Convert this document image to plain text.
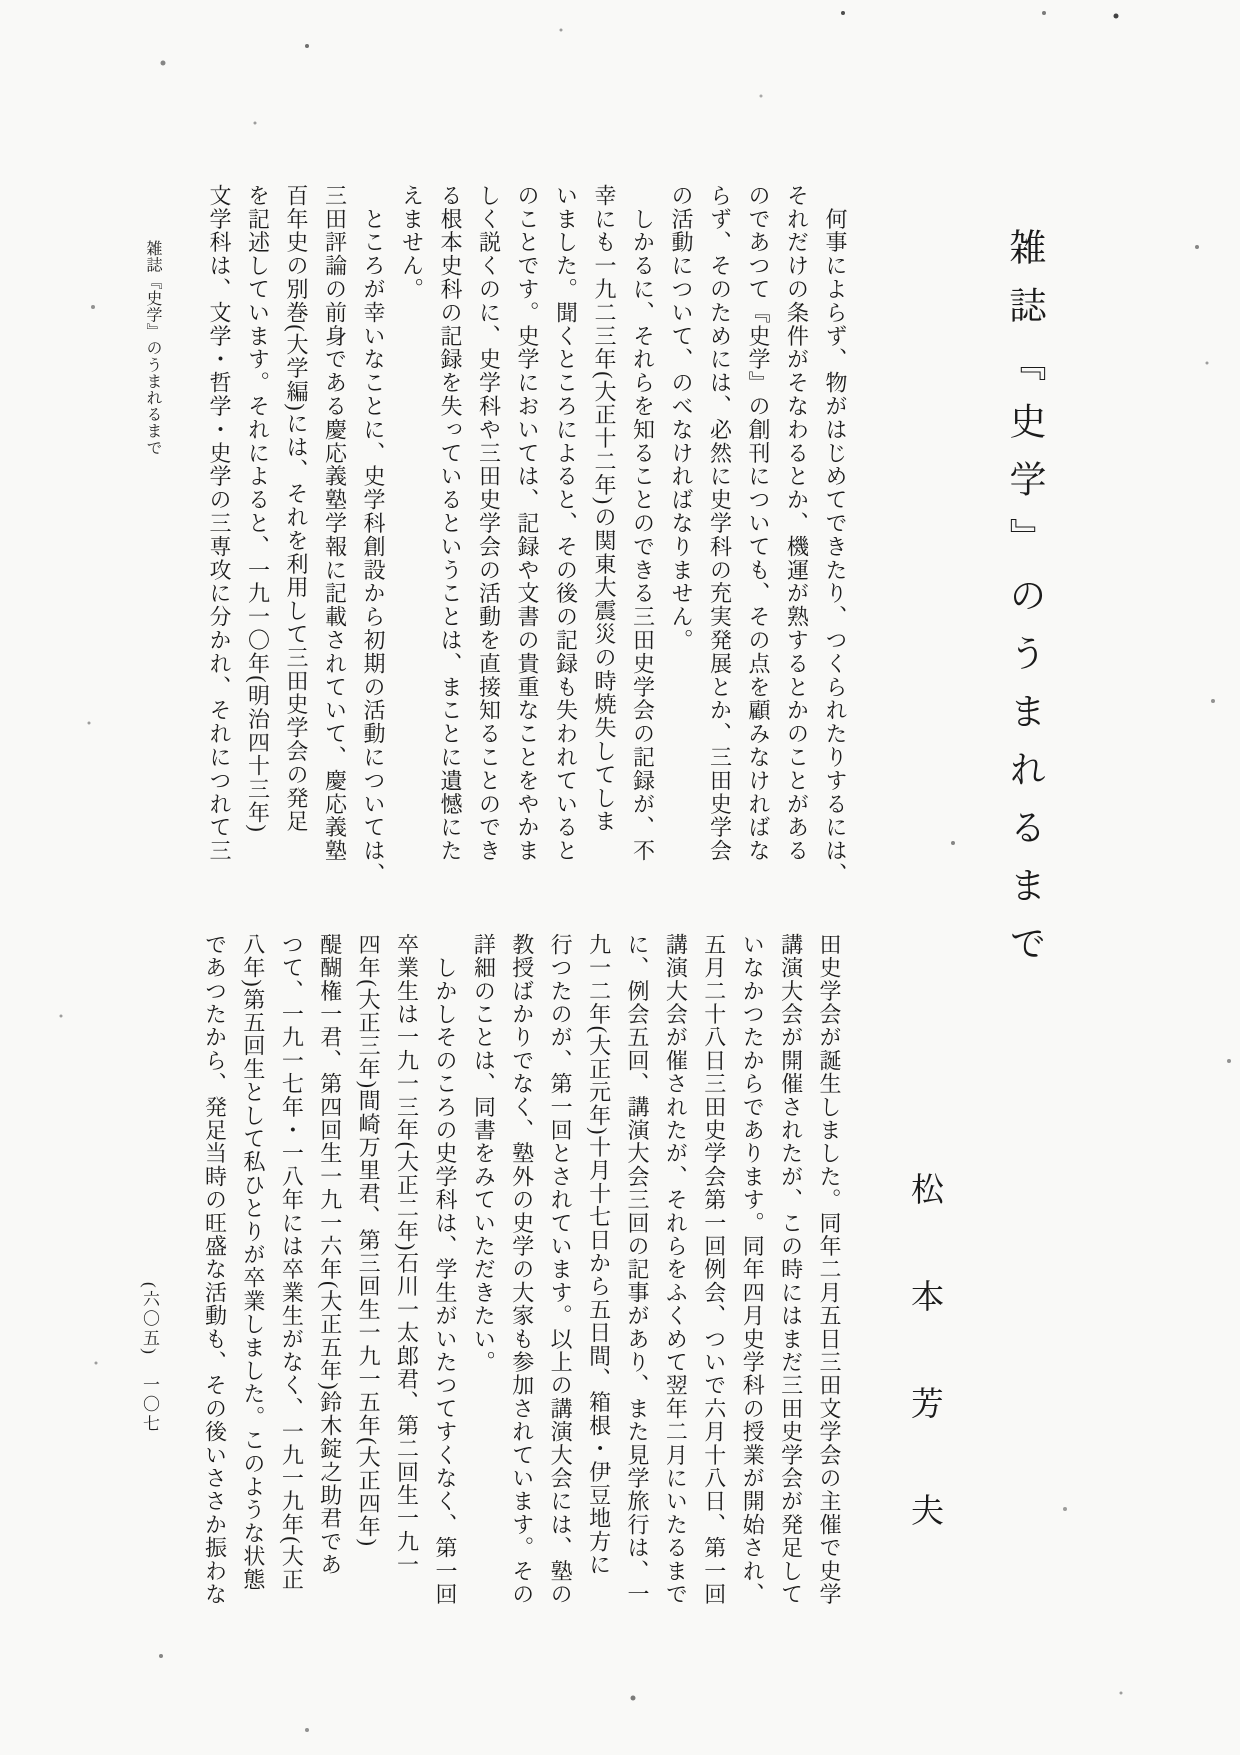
雑誌『史学』のうまれるまで
松本芳夫
　何事によらず、物がはじめてできたり、つくられたりするには、
それだけの条件がそなわるとか、機運が熟するとかのことがある
のであつて『史学』の創刊についても、その点を顧みなければな
らず、そのためには、必然に史学科の充実発展とか、三田史学会
の活動について、のべなければなりません。
　しかるに、それらを知ることのできる三田史学会の記録が、不
幸にも一九二三年(大正十二年)の関東大震災の時焼失してしま
いました。聞くところによると、その後の記録も失われていると
のことです。史学においては、記録や文書の貴重なことをやかま
しく説くのに、史学科や三田史学会の活動を直接知ることのでき
る根本史科の記録を失っているということは、まことに遺憾にた
えません。
　ところが幸いなことに、史学科創設から初期の活動については、
三田評論の前身である慶応義塾学報に記載されていて、慶応義塾
百年史の別巻(大学編)には、それを利用して三田史学会の発足
を記述しています。それによると、一九一〇年(明治四十三年)
文学科は、文学・哲学・史学の三専攻に分かれ、それにつれて三
田史学会が誕生しました。同年二月五日三田文学会の主催で史学
講演大会が開催されたが、この時にはまだ三田史学会が発足して
いなかつたからであります。同年四月史学科の授業が開始され、
五月二十八日三田史学会第一回例会、ついで六月十八日、第一回
講演大会が催されたが、それらをふくめて翌年二月にいたるまで
に、例会五回、講演大会三回の記事があり、また見学旅行は、一
九一二年(大正元年)十月十七日から五日間、箱根・伊豆地方に
行つたのが、第一回とされています。以上の講演大会には、塾の
教授ばかりでなく、塾外の史学の大家も参加されています。その
詳細のことは、同書をみていただきたい。
　しかしそのころの史学科は、学生がいたつてすくなく、第一回
卒業生は一九一三年(大正二年)石川一太郎君、第二回生一九一
四年(大正三年)間崎万里君、第三回生一九一五年(大正四年)
醍醐権一君、第四回生一九一六年(大正五年)鈴木錠之助君であ
つて、一九一七年・一八年には卒業生がなく、一九一九年(大正
八年)第五回生として私ひとりが卒業しました。このような状態
であつたから、発足当時の旺盛な活動も、その後いささか振わな
雑誌『史学』のうまれるまで
(六〇五)　一〇七
